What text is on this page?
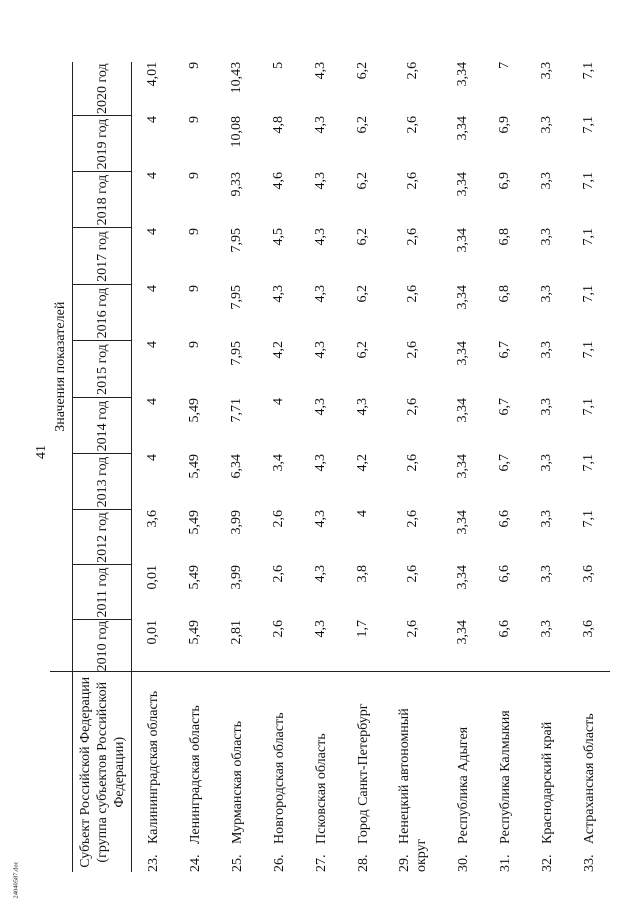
41
24040587.doc
	Значения показателей										
Субъект Российской Федерации (группа субъектов Российской Федерации)	2010 год	2011 год	2012 год	2013 год	2014 год	2015 год	2016 год	2017 год	2018 год	2019 год	2020 год
23.Калининградская область	0,01	0,01	3,6	4	4	4	4	4	4	4	4,01
24.Ленинградская область	5,49	5,49	5,49	5,49	5,49	9	9	9	9	9	9
25.Мурманская область	2,81	3,99	3,99	6,34	7,71	7,95	7,95	7,95	9,33	10,08	10,43
26.Новгородская область	2,6	2,6	2,6	3,4	4	4,2	4,3	4,5	4,6	4,8	5
27.Псковская область	4,3	4,3	4,3	4,3	4,3	4,3	4,3	4,3	4,3	4,3	4,3
28.Город Санкт-Петербург	1,7	3,8	4	4,2	4,3	6,2	6,2	6,2	6,2	6,2	6,2
29.Ненецкий автономный округ	2,6	2,6	2,6	2,6	2,6	2,6	2,6	2,6	2,6	2,6	2,6
30.Республика Адыгея	3,34	3,34	3,34	3,34	3,34	3,34	3,34	3,34	3,34	3,34	3,34
31.Республика Калмыкия	6,6	6,6	6,6	6,7	6,7	6,7	6,8	6,8	6,9	6,9	7
32.Краснодарский край	3,3	3,3	3,3	3,3	3,3	3,3	3,3	3,3	3,3	3,3	3,3
33.Астраханская область	3,6	3,6	7,1	7,1	7,1	7,1	7,1	7,1	7,1	7,1	7,1
